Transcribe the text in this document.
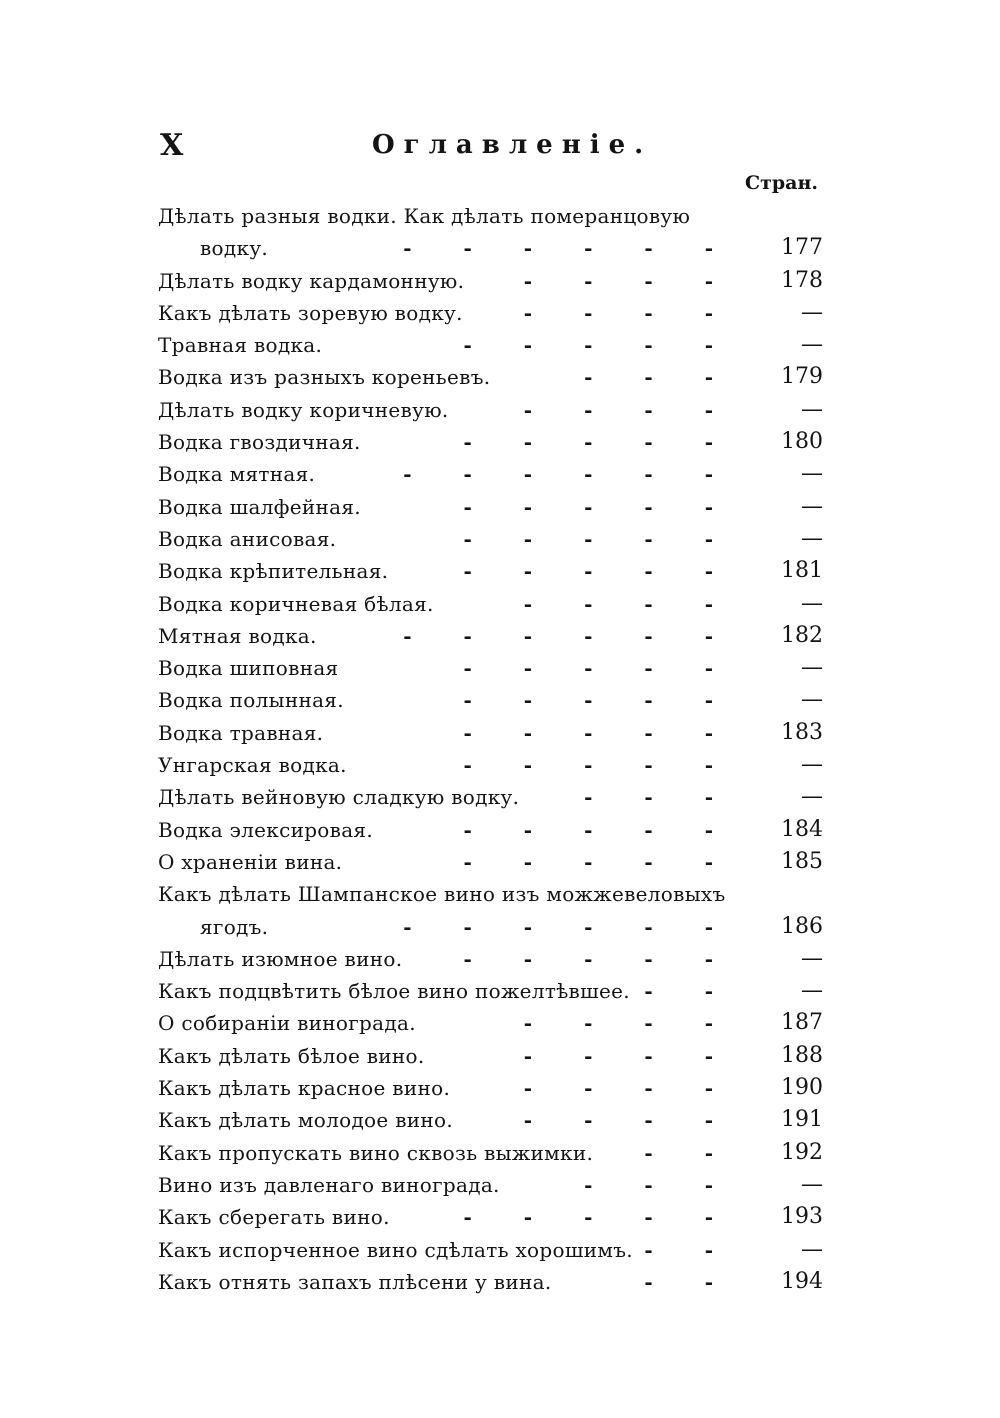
X	Оглавленіе.
Стран.
Дѣлать разныя водки. Как дѣлать померанцовую
водку.	------ 177
Дѣлать водку кардамонную.	---- 178
Какъ дѣлать зоревую водку.	----	—
Травная водка.	-----	—
Водка изъ разныхъ кореньевъ.	--- 179
Дѣлать водку коричневую.	----	—
Водка гвоздичная.	----- 180
Водка мятная.	------	—
Водка шалфейная.	-----	—
Водка анисовая.	-----	—
Водка крѣпительная.	----- 181
Водка коричневая бѣлая.	----	—
Мятная водка.	------ 182
Водка шиповная	-----	—
Водка полынная.	-----	—
Водка травная.	----- 183
Унгарская водка.	-----	—
Дѣлать вейновую сладкую водку.	---	—
Водка элексировая.	----- 184
О храненіи вина.	----- 185
Какъ дѣлать Шампанское вино изъ можжевеловыхъ
ягодъ.	------ 186
Дѣлать изюмное вино.	-----	—
Какъ подцвѣтить бѣлое вино пожелтѣвшее. --	—
О собираніи винограда.	---- 187
Какъ дѣлать бѣлое вино.	---- 188
Какъ дѣлать красное вино.	---- 190
Какъ дѣлать молодое вино.	---- 191
Какъ пропускать вино сквозь выжимки.	-- 192
Вино изъ давленаго винограда.	---	—
Какъ сберегать вино.	----- 193
Какъ испорченное вино сдѣлать хорошимъ. --	—
Какъ отнять запахъ плѣсени у вина.	-- 194
